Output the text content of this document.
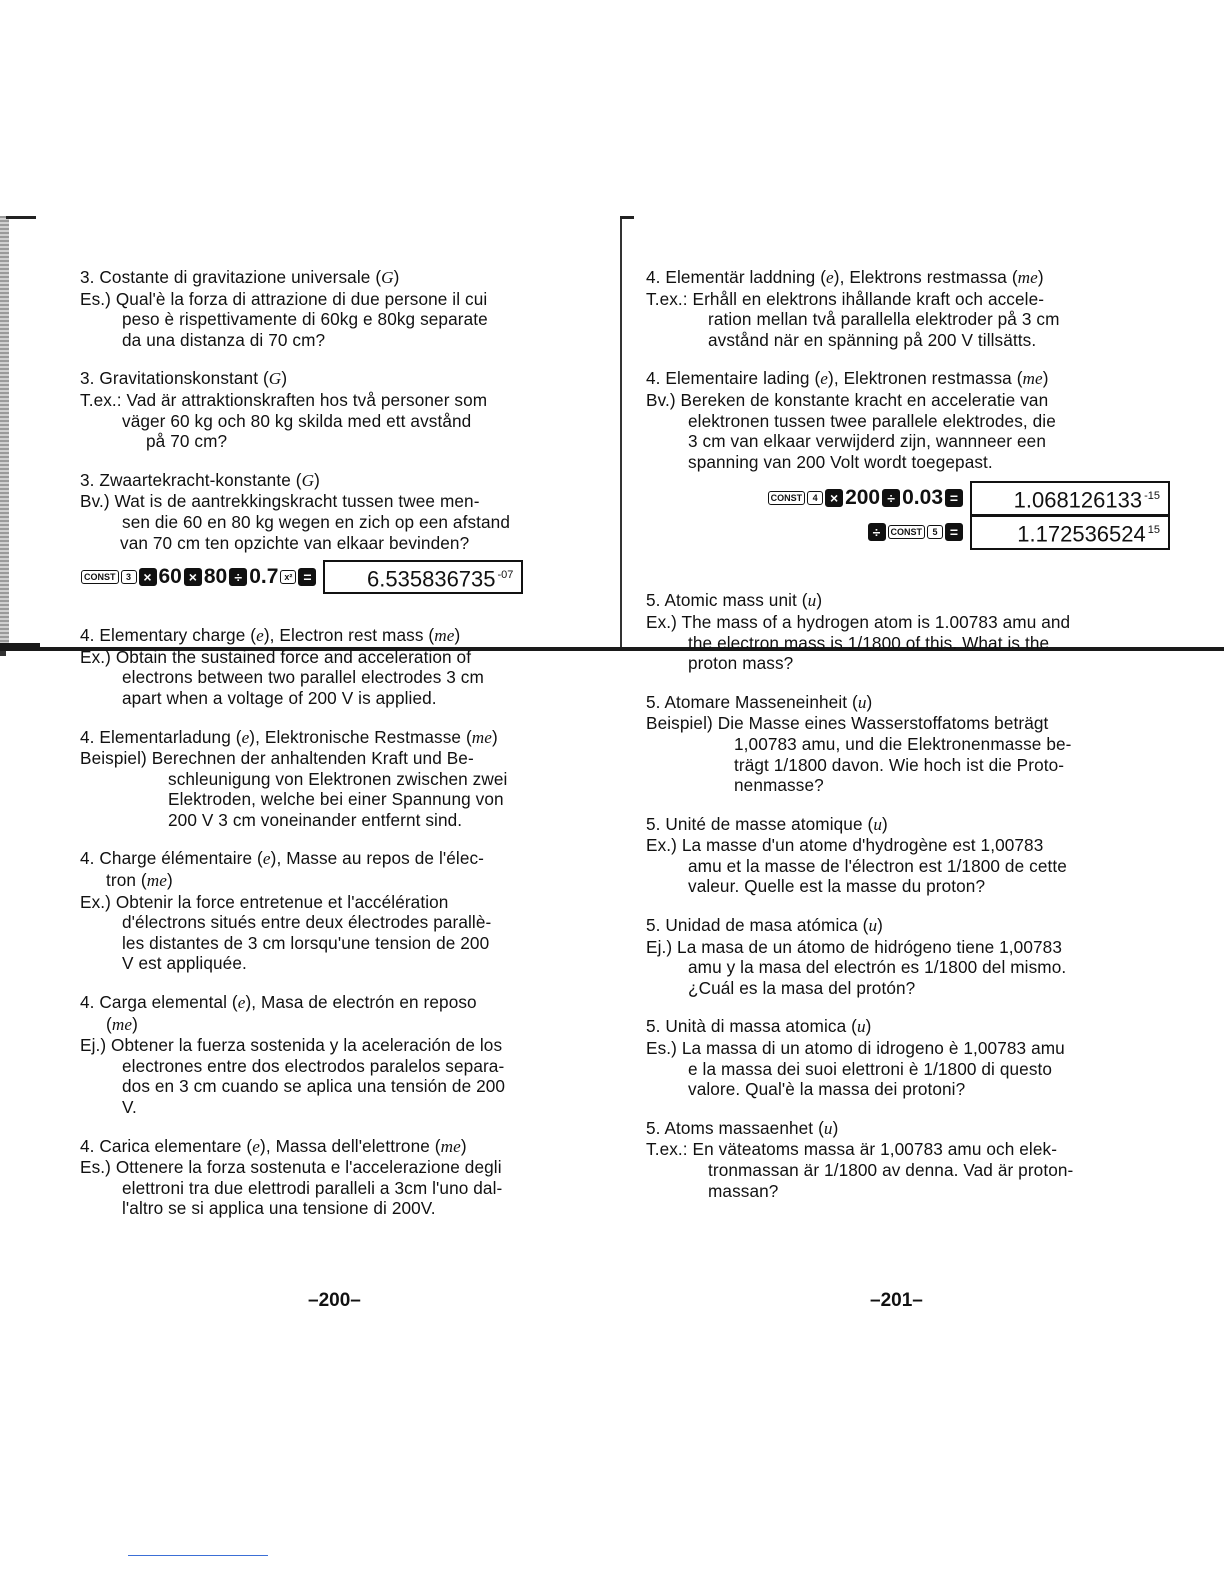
3. Costante di gravitazione universale (G)
Es.) Qual'è la forza di attrazione di due persone il cui
peso è rispettivamente di 60kg e 80kg separate
da una distanza di 70 cm?
3. Gravitationskonstant (G)
T.ex.: Vad är attraktionskraften hos två personer som
väger 60 kg och 80 kg skilda med ett avstånd
på 70 cm?
3. Zwaartekracht-konstante (G)
Bv.) Wat is de aantrekkingskracht tussen twee men-
sen die 60 en 80 kg wegen en zich op een afstand
van 70 cm ten opzichte van elkaar bevinden?
CONST	3 × 60 × 80 ÷ 0.7 x² =	6.535836735 $^{-07}$
4. Elementary charge (e), Electron rest mass (me)
Ex.) Obtain the sustained force and acceleration of
electrons between two parallel electrodes 3 cm
apart when a voltage of 200 V is applied.
4. Elementarladung (e), Elektronische Restmasse (me)
Beispiel) Berechnen der anhaltenden Kraft und Be-
schleunigung von Elektronen zwischen zwei
Elektroden, welche bei einer Spannung von
200 V 3 cm voneinander entfernt sind.
4. Charge élémentaire (e), Masse au repos de l'élec-
tron (me)
Ex.) Obtenir la force entretenue et l'accélération
d'électrons situés entre deux électrodes parallè-
les distantes de 3 cm lorsqu'une tension de 200
V est appliquée.
4. Carga elemental (e), Masa de electrón en reposo
(me)
Ej.) Obtener la fuerza sostenida y la aceleración de los
electrones entre dos electrodos paralelos separa-
dos en 3 cm cuando se aplica una tensión de 200
V.
4. Carica elementare (e), Massa dell'elettrone (me)
Es.) Ottenere la forza sostenuta e l'accelerazione degli
elettroni tra due elettrodi paralleli a 3cm l'uno dal-
l'altro se si applica una tensione di 200V.
–200–
4. Elementär laddning (e), Elektrons restmassa (me)
T.ex.: Erhåll en elektrons ihållande kraft och accele-
ration mellan två parallella elektroder på 3 cm
avstånd när en spänning på 200 V tillsätts.
4. Elementaire lading (e), Elektronen restmassa (me)
Bv.) Bereken de konstante kracht en acceleratie van
elektronen tussen twee parallele elektrodes, die
3 cm van elkaar verwijderd zijn, wannneer een
spanning van 200 Volt wordt toegepast.
CONST	4 × 200 ÷ 0.03 =	1.068126133 $^{-15}$
÷	CONST	5 =	1.172536524 $^{15}$
5. Atomic mass unit (u)
Ex.) The mass of a hydrogen atom is 1.00783 amu and
the electron mass is 1/1800 of this. What is the
proton mass?
5. Atomare Masseneinheit (u)
Beispiel) Die Masse eines Wasserstoffatoms beträgt
1,00783 amu, und die Elektronenmasse be-
trägt 1/1800 davon. Wie hoch ist die Proto-
nenmasse?
5. Unité de masse atomique (u)
Ex.) La masse d'un atome d'hydrogène est 1,00783
amu et la masse de l'électron est 1/1800 de cette
valeur. Quelle est la masse du proton?
5. Unidad de masa atómica (u)
Ej.) La masa de un átomo de hidrógeno tiene 1,00783
amu y la masa del electrón es 1/1800 del mismo.
¿Cuál es la masa del protón?
5. Unità di massa atomica (u)
Es.) La massa di un atomo di idrogeno è 1,00783 amu
e la massa dei suoi elettroni è 1/1800 di questo
valore. Qual'è la massa dei protoni?
5. Atoms massaenhet (u)
T.ex.: En väteatoms massa är 1,00783 amu och elek-
tronmassan är 1/1800 av denna. Vad är proton-
massan?
–201–
